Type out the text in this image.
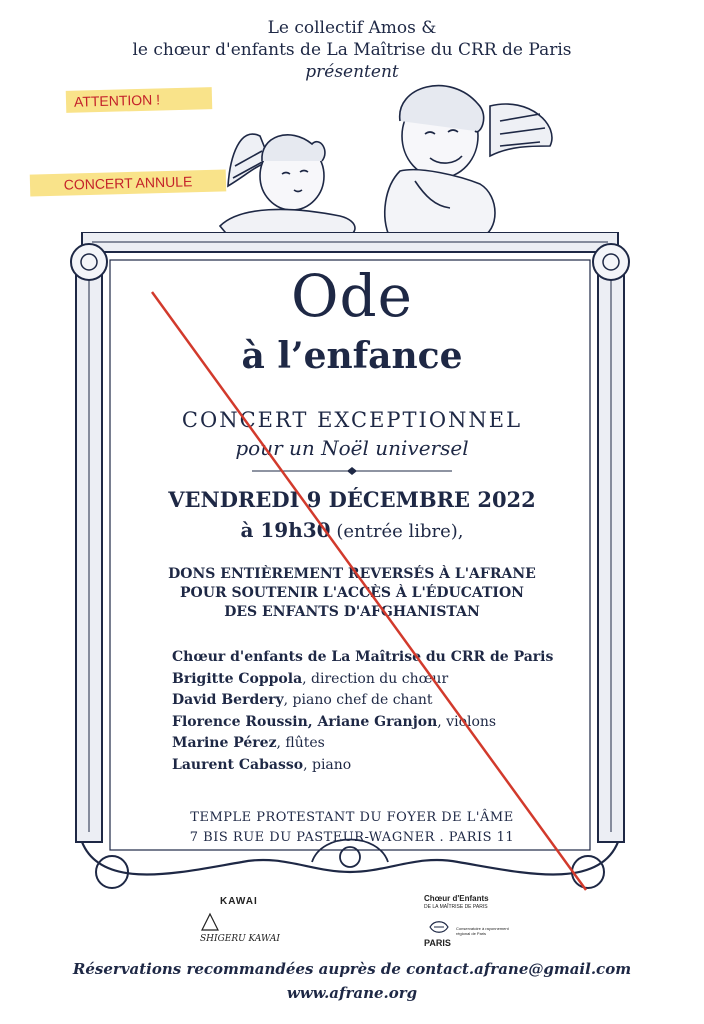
Le collectif Amos &
le chœur d'enfants de La Maîtrise du CRR de Paris
présentent
ATTENTION !
CONCERT ANNULE
Ode
à l’enfance
CONCERT EXCEPTIONNEL
pour un Noël universel
VENDREDI 9 DÉCEMBRE 2022
à 19h30 (entrée libre),
DONS ENTIÈREMENT REVERSÉS À L'AFRANE
POUR SOUTENIR L'ACCÈS À L'ÉDUCATION
DES ENFANTS D'AFGHANISTAN
Chœur d'enfants de La Maîtrise du CRR de Paris
Brigitte Coppola, direction du chœur
David Berdery, piano chef de chant
Florence Roussin, Ariane Granjon, violons
Marine Pérez, flûtes
Laurent Cabasso, piano
TEMPLE PROTESTANT DU FOYER DE L'ÂME
7 BIS RUE DU PASTEUR-WAGNER . PARIS 11
KAWAI
SHIGERU KAWAI
Chœur d'Enfants
DE LA MAÎTRISE DE PARIS
PARIS
Conservatoire à rayonnement régional de Paris
Réservations recommandées auprès de contact.afrane@gmail.com
www.afrane.org
